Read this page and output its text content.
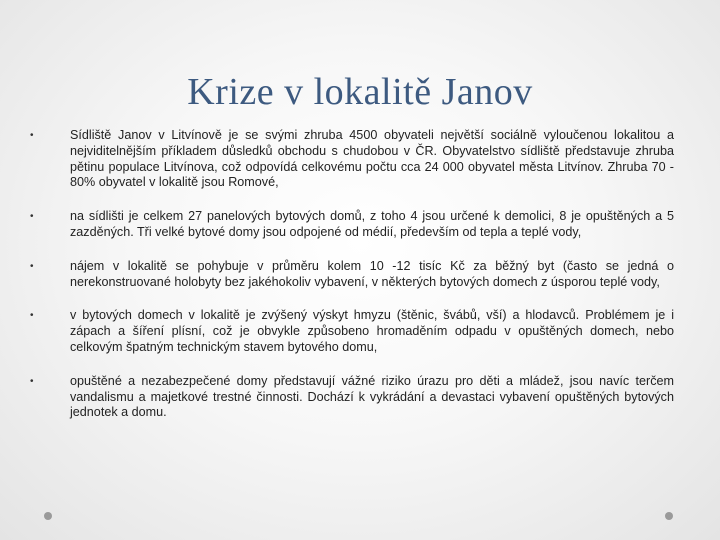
Krize v lokalitě Janov
•	Sídliště Janov v Litvínově je se svými zhruba 4500 obyvateli největší sociálně vyloučenou lokalitou a nejviditelnějším příkladem důsledků obchodu s chudobou v ČR. Obyvatelstvo sídliště představuje zhruba pětinu populace Litvínova, což odpovídá celkovému počtu cca 24 000 obyvatel města Litvínov. Zhruba 70 - 80% obyvatel v lokalitě jsou Romové,
•	na sídlišti je celkem 27 panelových bytových domů, z toho 4 jsou určené k demolici, 8 je opuštěných a 5 zazděných. Tři velké bytové domy jsou odpojené od médií, především od tepla a teplé vody,
•	nájem v lokalitě se pohybuje v průměru kolem 10 -12 tisíc Kč za běžný byt (často se jedná o nerekonstruované holobyty bez jakéhokoliv vybavení, v některých bytových domech z úsporou teplé vody,
•	v bytových domech v lokalitě je zvýšený výskyt hmyzu (štěnic, švábů, vší) a hlodavců. Problémem je i zápach a šíření plísní, což je obvykle způsobeno hromaděním odpadu v opuštěných domech, nebo celkovým špatným technickým stavem bytového domu,
•	opuštěné a nezabezpečené domy představují vážné riziko úrazu pro děti a mládež, jsou navíc terčem vandalismu a majetkové trestné činnosti. Dochází k vykrádání a devastaci vybavení opuštěných bytových jednotek a domu.
